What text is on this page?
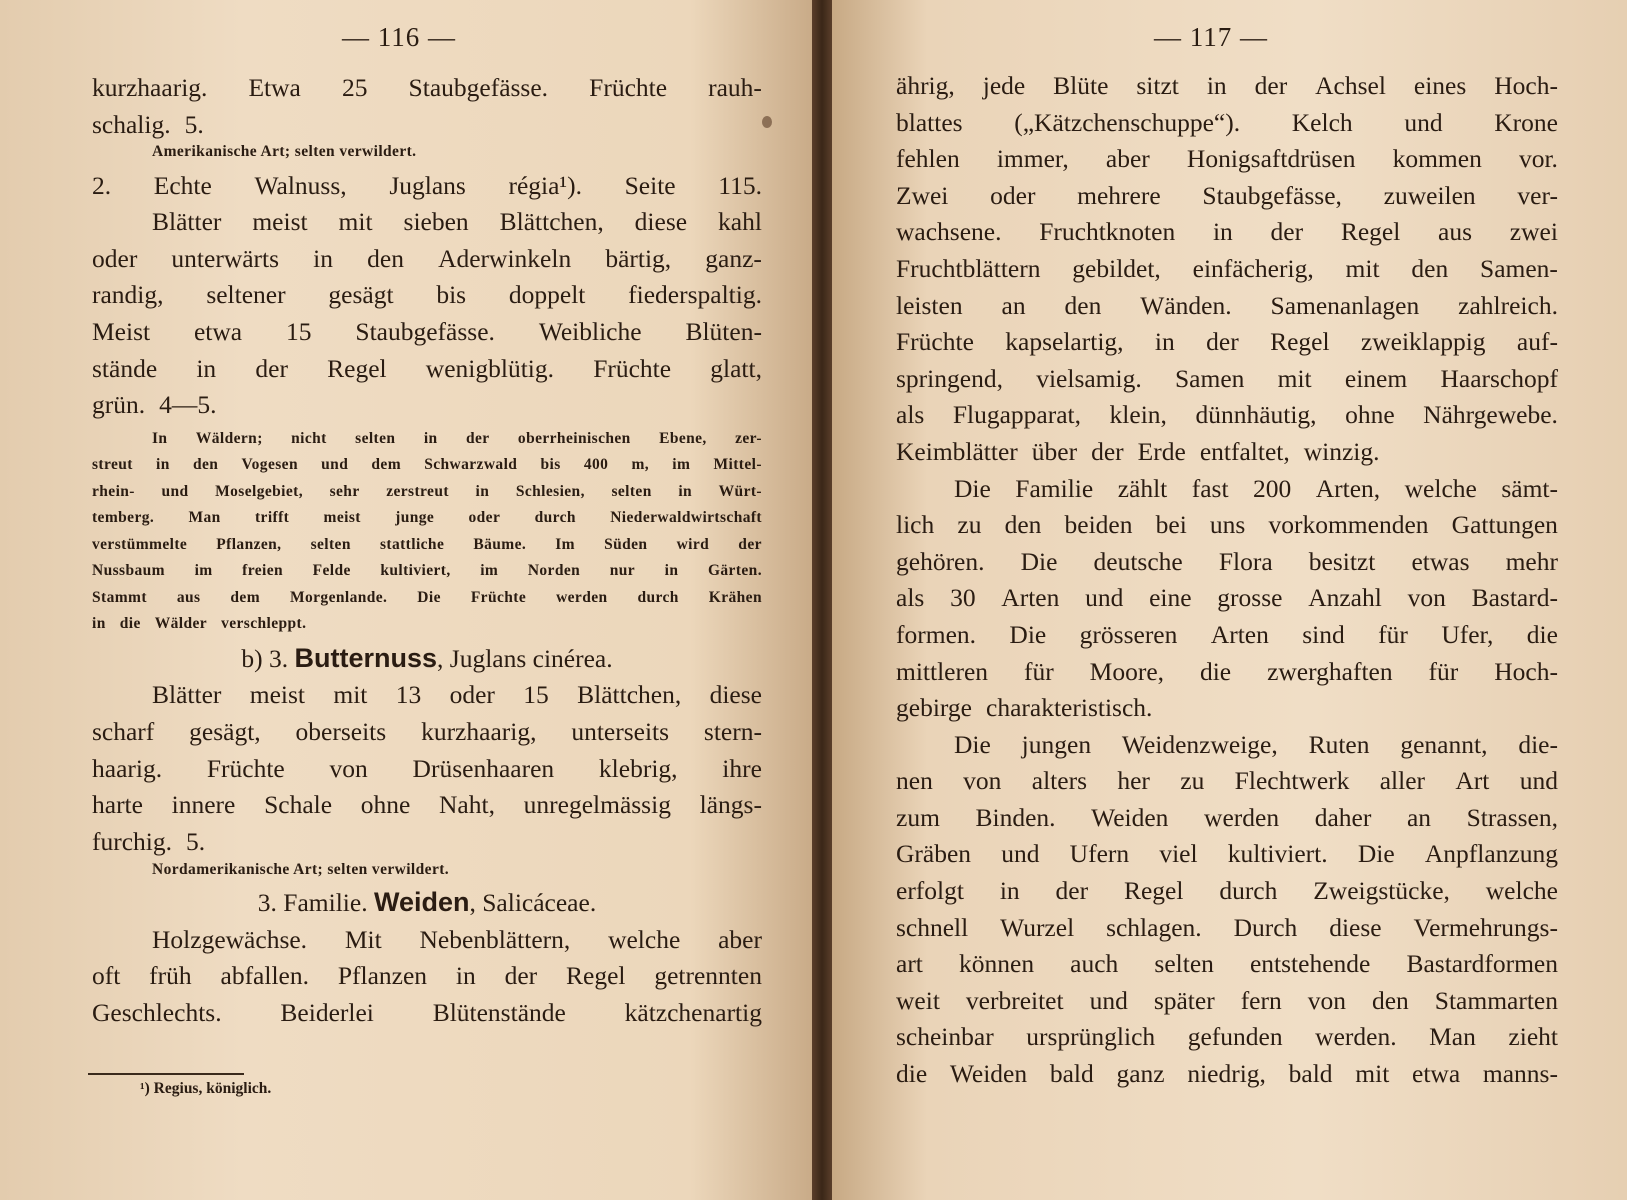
— 116 —
kurzhaarig. Etwa 25 Staubgefässe. Früchte rauh-
schalig. 5.
Amerikanische Art; selten verwildert.
2. Echte Walnuss, Juglans régia¹). Seite 115.
Blätter meist mit sieben Blättchen, diese kahl
oder unterwärts in den Aderwinkeln bärtig, ganz-
randig, seltener gesägt bis doppelt fiederspaltig.
Meist etwa 15 Staubgefässe. Weibliche Blüten-
stände in der Regel wenigblütig. Früchte glatt,
grün. 4—5.
In Wäldern; nicht selten in der oberrheinischen Ebene, zer-
streut in den Vogesen und dem Schwarzwald bis 400 m, im Mittel-
rhein- und Moselgebiet, sehr zerstreut in Schlesien, selten in Würt-
temberg. Man trifft meist junge oder durch Niederwaldwirtschaft
verstümmelte Pflanzen, selten stattliche Bäume. Im Süden wird der
Nussbaum im freien Felde kultiviert, im Norden nur in Gärten.
Stammt aus dem Morgenlande. Die Früchte werden durch Krähen
in die Wälder verschleppt.
b) 3. Butternuss, Juglans cinérea.
Blätter meist mit 13 oder 15 Blättchen, diese
scharf gesägt, oberseits kurzhaarig, unterseits stern-
haarig. Früchte von Drüsenhaaren klebrig, ihre
harte innere Schale ohne Naht, unregelmässig längs-
furchig. 5.
Nordamerikanische Art; selten verwildert.
3. Familie. Weiden, Salicáceae.
Holzgewächse. Mit Nebenblättern, welche aber
oft früh abfallen. Pflanzen in der Regel getrennten
Geschlechts. Beiderlei Blütenstände kätzchenartig
¹) Regius, königlich.
— 117 —
ährig, jede Blüte sitzt in der Achsel eines Hoch-
blattes („Kätzchenschuppe“). Kelch und Krone
fehlen immer, aber Honigsaftdrüsen kommen vor.
Zwei oder mehrere Staubgefässe, zuweilen ver-
wachsene. Fruchtknoten in der Regel aus zwei
Fruchtblättern gebildet, einfächerig, mit den Samen-
leisten an den Wänden. Samenanlagen zahlreich.
Früchte kapselartig, in der Regel zweiklappig auf-
springend, vielsamig. Samen mit einem Haarschopf
als Flugapparat, klein, dünnhäutig, ohne Nährgewebe.
Keimblätter über der Erde entfaltet, winzig.
Die Familie zählt fast 200 Arten, welche sämt-
lich zu den beiden bei uns vorkommenden Gattungen
gehören. Die deutsche Flora besitzt etwas mehr
als 30 Arten und eine grosse Anzahl von Bastard-
formen. Die grösseren Arten sind für Ufer, die
mittleren für Moore, die zwerghaften für Hoch-
gebirge charakteristisch.
Die jungen Weidenzweige, Ruten genannt, die-
nen von alters her zu Flechtwerk aller Art und
zum Binden. Weiden werden daher an Strassen,
Gräben und Ufern viel kultiviert. Die Anpflanzung
erfolgt in der Regel durch Zweigstücke, welche
schnell Wurzel schlagen. Durch diese Vermehrungs-
art können auch selten entstehende Bastardformen
weit verbreitet und später fern von den Stammarten
scheinbar ursprünglich gefunden werden. Man zieht
die Weiden bald ganz niedrig, bald mit etwa manns-
